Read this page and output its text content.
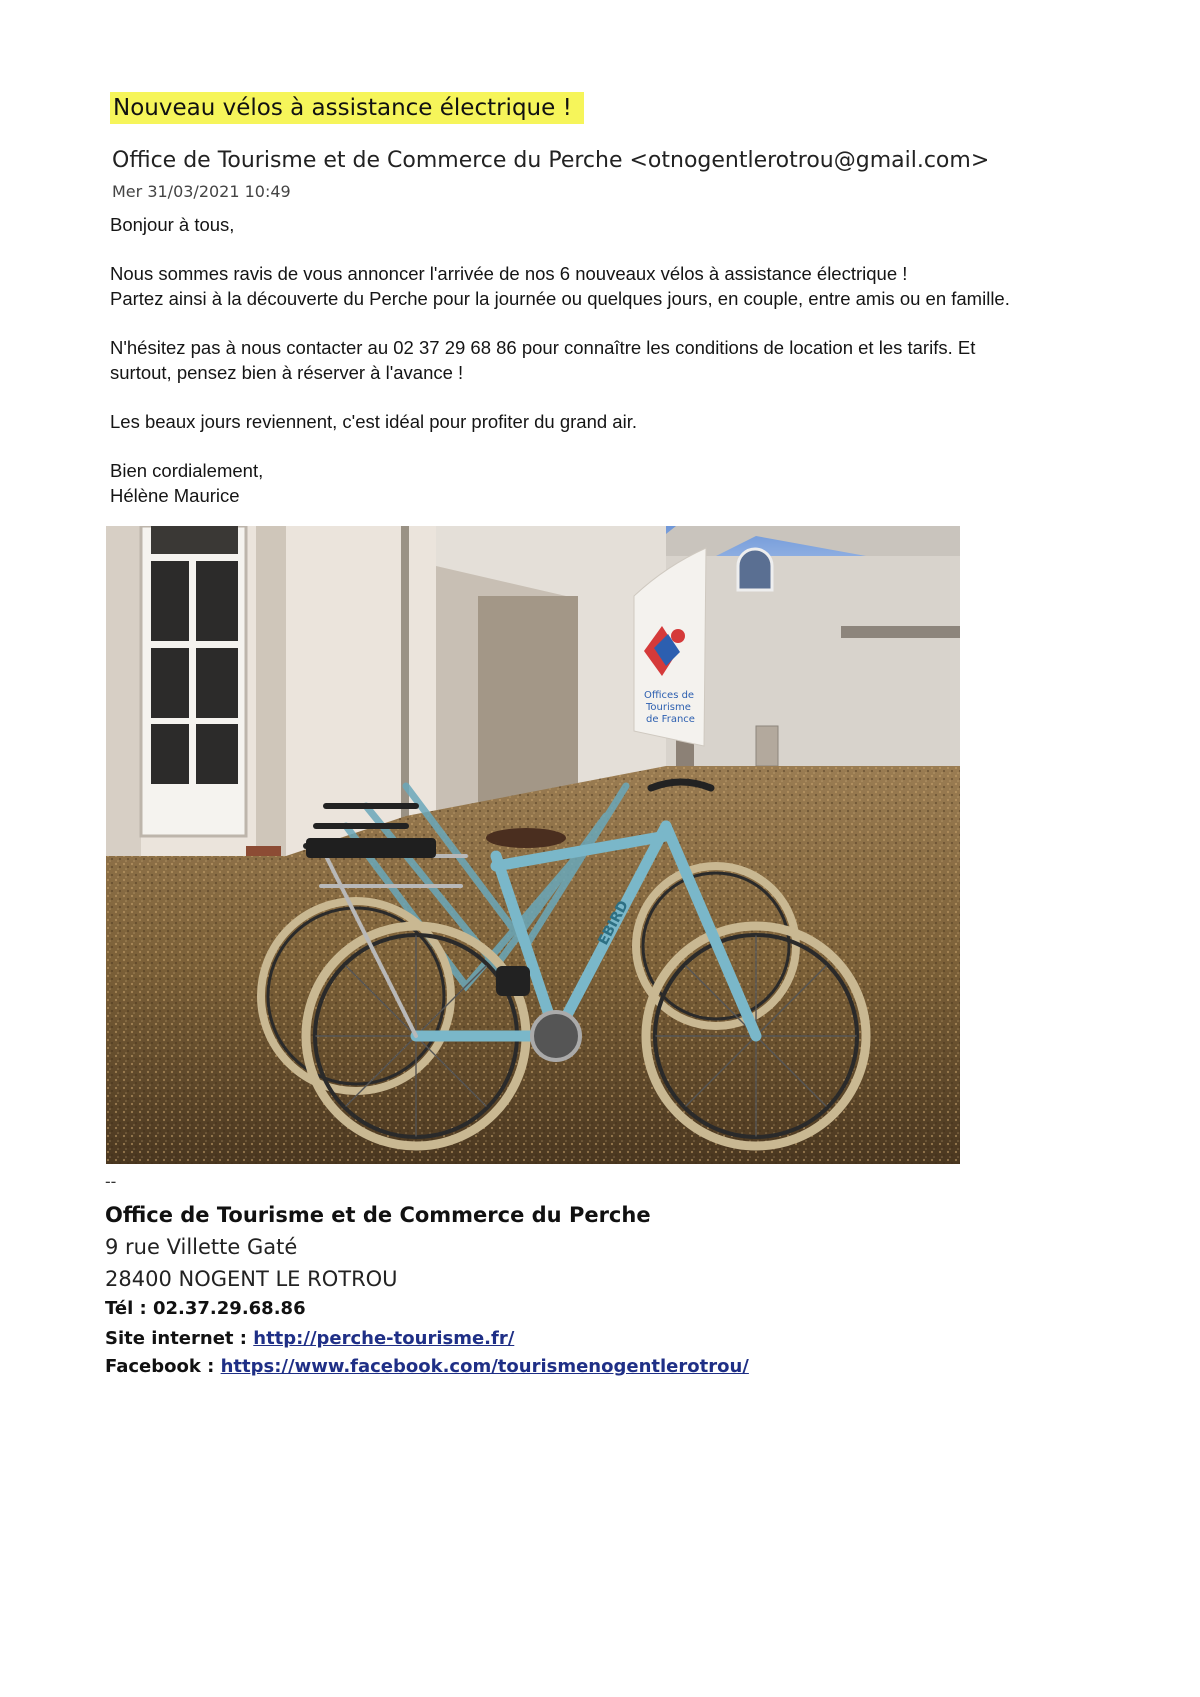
Nouveau vélos à assistance électrique !
Office de Tourisme et de Commerce du Perche <otnogentlerotrou@gmail.com>
Mer 31/03/2021 10:49

Bonjour à tous,

Nous sommes ravis de vous annoncer l'arrivée de nos 6 nouveaux vélos à assistance électrique !
Partez ainsi à la découverte du Perche pour la journée ou quelques jours, en couple, entre amis ou en famille.

N'hésitez pas à nous contacter au 02 37 29 68 86 pour connaître les conditions de location et les tarifs. Et
surtout, pensez bien à réserver à l'avance !

Les beaux jours reviennent, c'est idéal pour profiter du grand air.

Bien cordialement,
Hélène Maurice

Offices de
Tourisme
de France
EBIRD
--
Office de Tourisme et de Commerce du Perche
9 rue Villette Gaté
28400 NOGENT LE ROTROU
Tél : 02.37.29.68.86
Site internet : http://perche-tourisme.fr/
Facebook : https://www.facebook.com/tourismenogentlerotrou/
